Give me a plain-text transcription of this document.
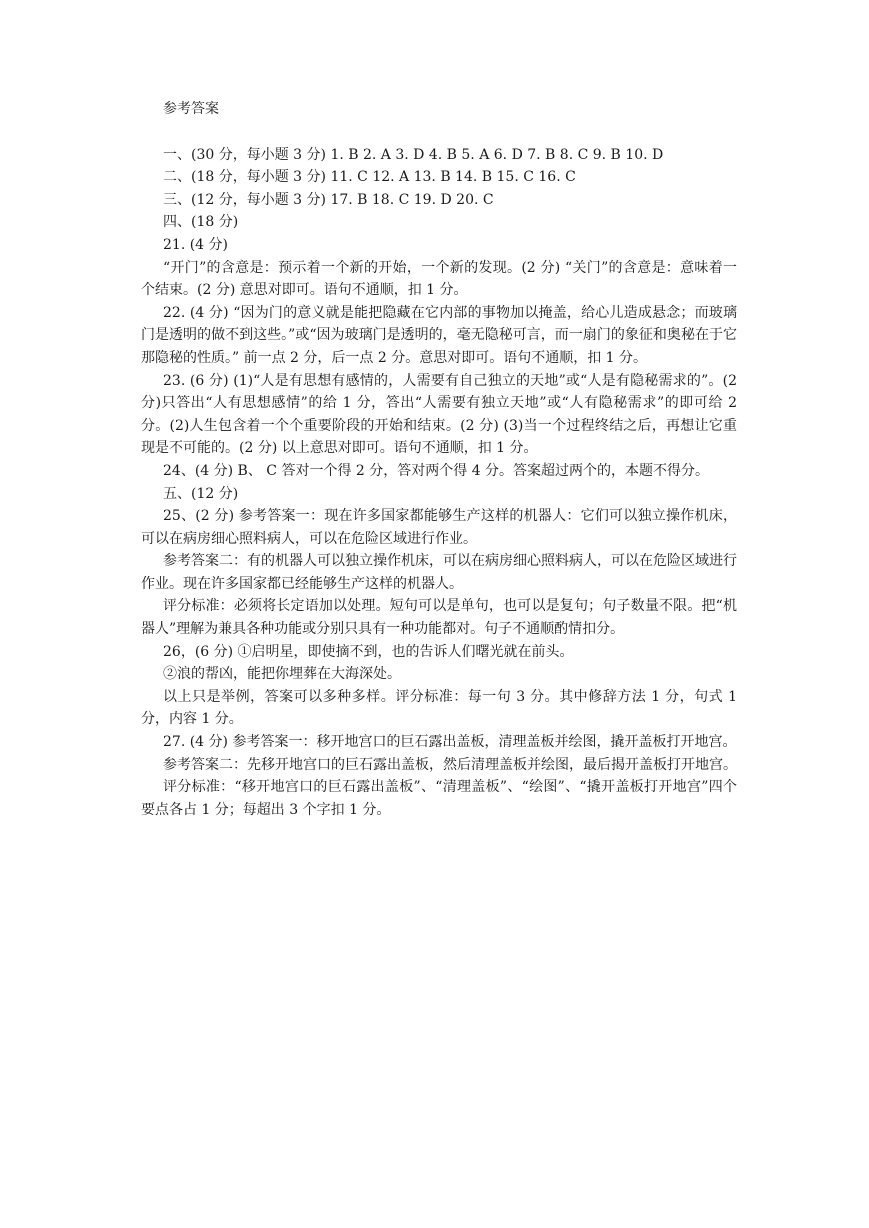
参考答案

一、(30 分，每小题 3 分) 1. B 2. A 3. D 4. B 5. A 6. D 7. B 8. C 9. B 10. D

二、(18 分，每小题 3 分) 11. C 12. A 13. B 14. B 15. C 16. C

三、(12 分，每小题 3 分) 17. B 18. C 19. D 20. C

四、(18 分)

21. (4 分)

“开门”的含意是：预示着一个新的开始，一个新的发现。(2 分) “关门”的含意是：意味着一个结束。(2 分) 意思对即可。语句不通顺，扣 1 分。

22. (4 分) “因为门的意义就是能把隐藏在它内部的事物加以掩盖，给心儿造成悬念；而玻璃门是透明的做不到这些。”或“因为玻璃门是透明的，毫无隐秘可言，而一扇门的象征和奥秘在于它那隐秘的性质。” 前一点 2 分，后一点 2 分。意思对即可。语句不通顺，扣 1 分。

23. (6 分) (1)“人是有思想有感情的，人需要有自己独立的天地”或“人是有隐秘需求的”。(2 分)只答出“人有思想感情”的给 1 分，答出“人需要有独立天地”或“人有隐秘需求”的即可给 2 分。(2)人生包含着一个个重要阶段的开始和结束。(2 分) (3)当一个过程终结之后，再想让它重现是不可能的。(2 分) 以上意思对即可。语句不通顺，扣 1 分。

24、(4 分) B、 C 答对一个得 2 分，答对两个得 4 分。答案超过两个的，本题不得分。

五、(12 分)

25、(2 分) 参考答案一：现在许多国家都能够生产这样的机器人：它们可以独立操作机床，可以在病房细心照料病人，可以在危险区域进行作业。

参考答案二：有的机器人可以独立操作机床，可以在病房细心照料病人，可以在危险区域进行作业。现在许多国家都已经能够生产这样的机器人。

评分标准：必须将长定语加以处理。短句可以是单句，也可以是复句；句子数量不限。把“机器人”理解为兼具各种功能或分别只具有一种功能都对。句子不通顺酌情扣分。

26，(6 分) ①启明星，即使摘不到，也的告诉人们曙光就在前头。

②浪的帮凶，能把你埋葬在大海深处。

以上只是举例，答案可以多种多样。评分标准：每一句 3 分。其中修辞方法 1 分，句式 1 分，内容 1 分。

27. (4 分) 参考答案一：移开地宫口的巨石露出盖板，清理盖板并绘图，撬开盖板打开地宫。

参考答案二：先移开地宫口的巨石露出盖板，然后清理盖板并绘图，最后揭开盖板打开地宫。

评分标准：“移开地宫口的巨石露出盖板”、“清理盖板”、“绘图”、“撬开盖板打开地宫”四个要点各占 1 分；每超出 3 个字扣 1 分。
